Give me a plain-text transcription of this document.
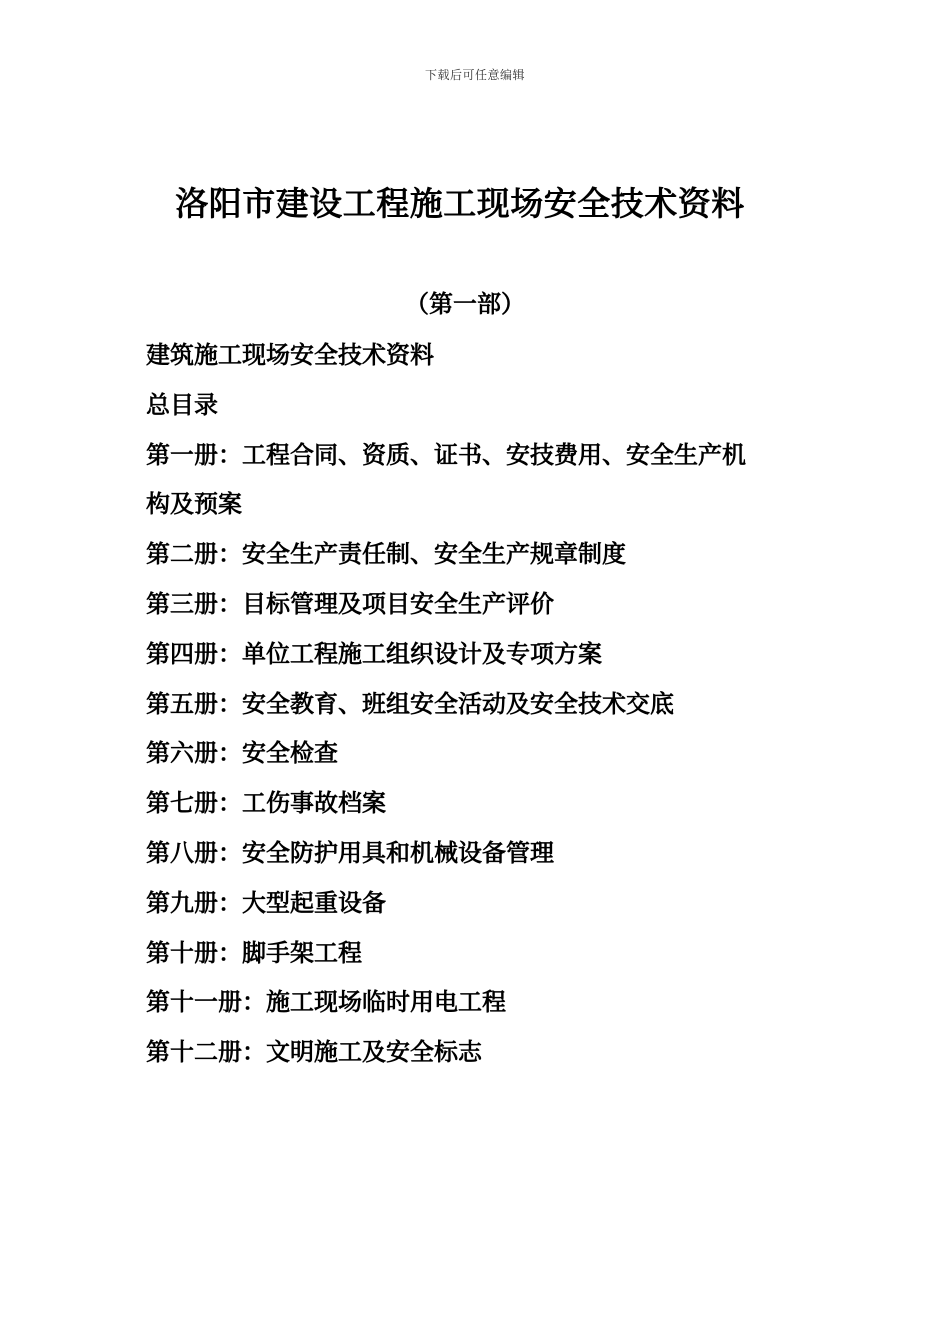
下载后可任意编辑
洛阳市建设工程施工现场安全技术资料
（第一部）
建筑施工现场安全技术资料
总目录
第一册：工程合同、资质、证书、安技费用、安全生产机
构及预案
第二册：安全生产责任制、安全生产规章制度
第三册：目标管理及项目安全生产评价
第四册：单位工程施工组织设计及专项方案
第五册：安全教育、班组安全活动及安全技术交底
第六册：安全检查
第七册：工伤事故档案
第八册：安全防护用具和机械设备管理
第九册：大型起重设备
第十册：脚手架工程
第十一册：施工现场临时用电工程
第十二册：文明施工及安全标志
